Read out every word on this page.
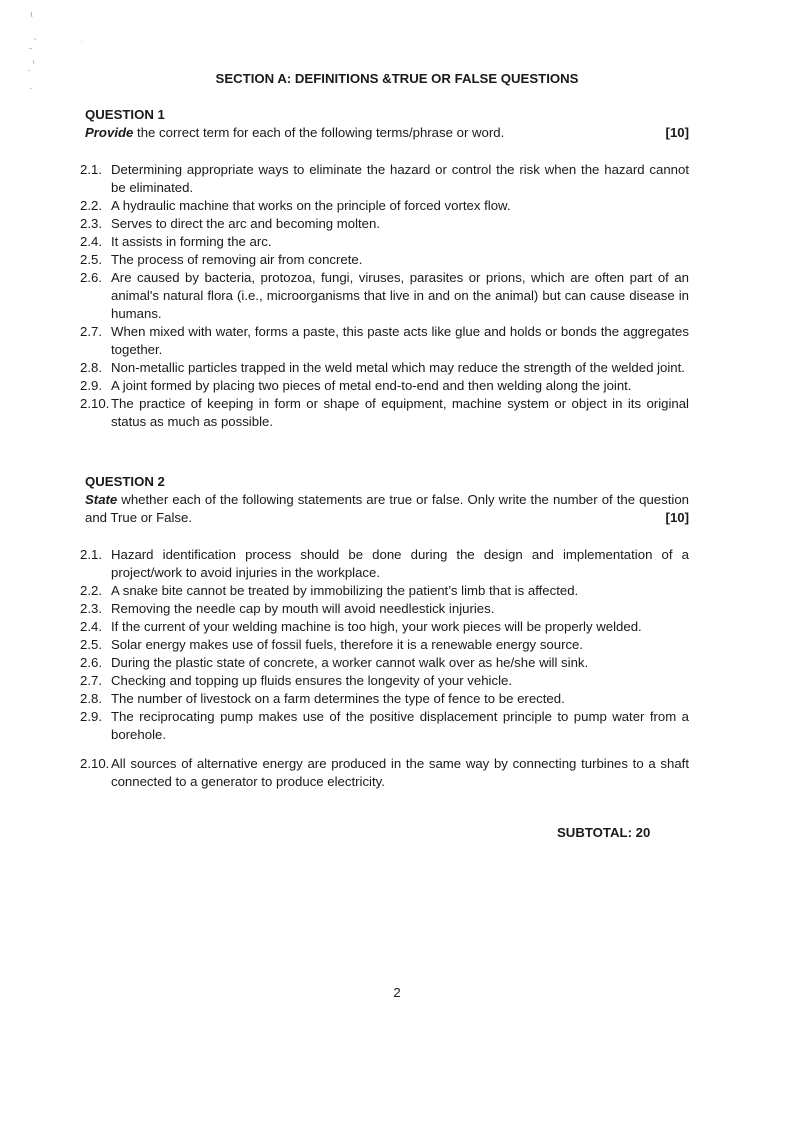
SECTION A: DEFINITIONS &TRUE OR FALSE QUESTIONS
QUESTION 1
Provide the correct term for each of the following terms/phrase or word.	[10]
2.1. Determining appropriate ways to eliminate the hazard or control the risk when the hazard cannot be eliminated.
2.2. A hydraulic machine that works on the principle of forced vortex flow.
2.3. Serves to direct the arc and becoming molten.
2.4. It assists in forming the arc.
2.5. The process of removing air from concrete.
2.6. Are caused by bacteria, protozoa, fungi, viruses, parasites or prions, which are often part of an animal's natural flora (i.e., microorganisms that live in and on the animal) but can cause disease in humans.
2.7. When mixed with water, forms a paste, this paste acts like glue and holds or bonds the aggregates together.
2.8. Non-metallic particles trapped in the weld metal which may reduce the strength of the welded joint.
2.9. A joint formed by placing two pieces of metal end-to-end and then welding along the joint.
2.10. The practice of keeping in form or shape of equipment, machine system or object in its original status as much as possible.
QUESTION 2
State whether each of the following statements are true or false. Only write the number of the question and True or False.	[10]
2.1. Hazard identification process should be done during the design and implementation of a project/work to avoid injuries in the workplace.
2.2. A snake bite cannot be treated by immobilizing the patient’s limb that is affected.
2.3. Removing the needle cap by mouth will avoid needlestick injuries.
2.4. If the current of your welding machine is too high, your work pieces will be properly welded.
2.5. Solar energy makes use of fossil fuels, therefore it is a renewable energy source.
2.6. During the plastic state of concrete, a worker cannot walk over as he/she will sink.
2.7. Checking and topping up fluids ensures the longevity of your vehicle.
2.8. The number of livestock on a farm determines the type of fence to be erected.
2.9. The reciprocating pump makes use of the positive displacement principle to pump water from a borehole.
2.10. All sources of alternative energy are produced in the same way by connecting turbines to a shaft connected to a generator to produce electricity.
SUBTOTAL: 20
2
